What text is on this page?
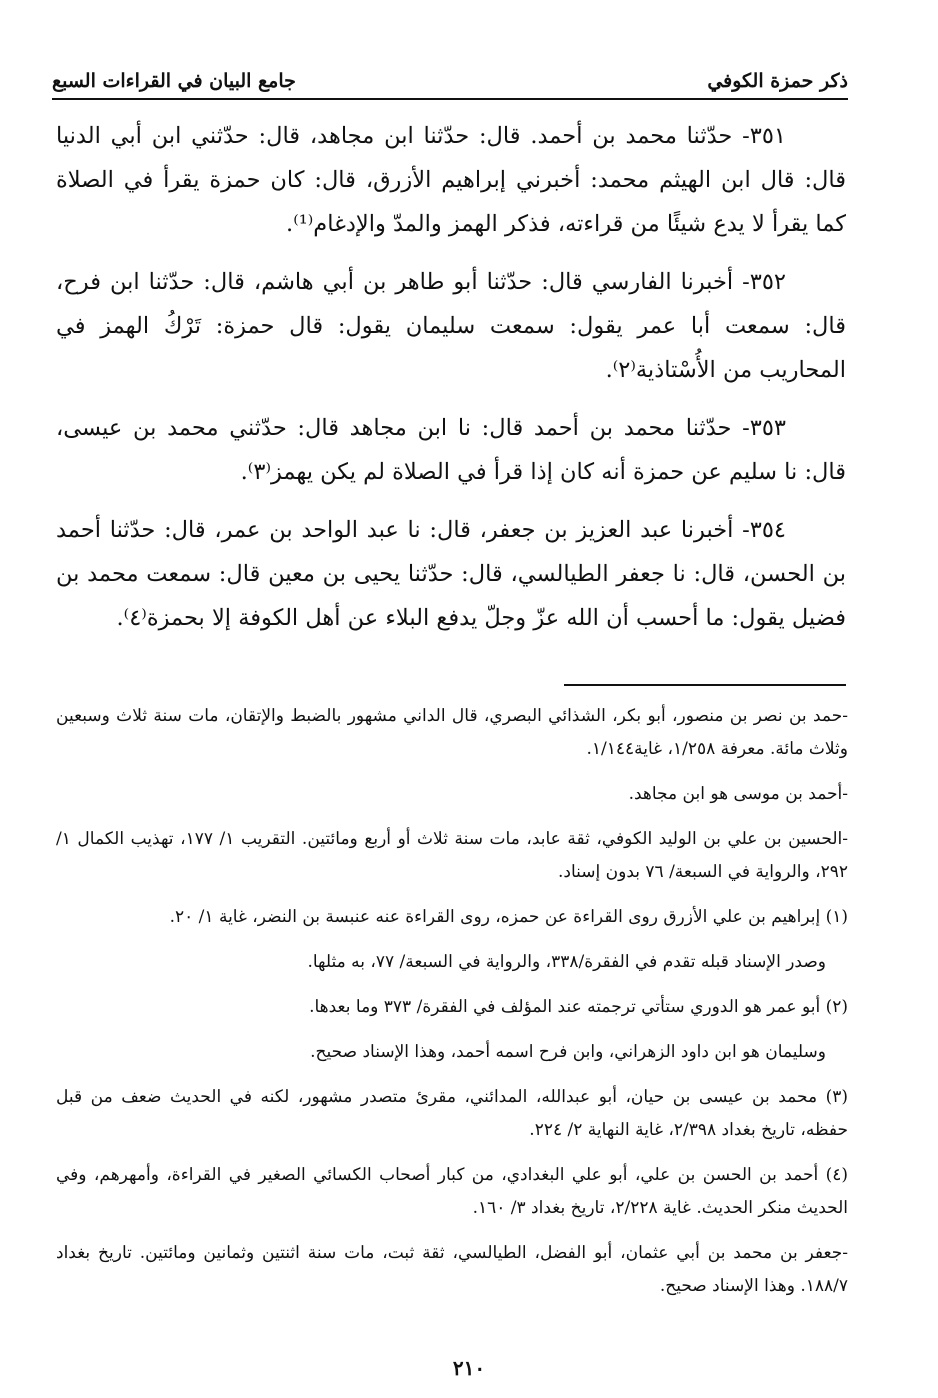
ذكر حمزة الكوفي
جامع البيان في القراءات السبع

٣٥١- حدّثنا محمد بن أحمد. قال: حدّثنا ابن مجاهد، قال: حدّثني ابن أبي الدنيا قال: قال ابن الهيثم محمد: أخبرني إبراهيم الأزرق، قال: كان حمزة يقرأ في الصلاة كما يقرأ لا يدع شيئًا من قراءته، فذكر الهمز والمدّ والإدغام⁽¹⁾.

٣٥٢- أخبرنا الفارسي قال: حدّثنا أبو طاهر بن أبي هاشم، قال: حدّثنا ابن فرح، قال: سمعت أبا عمر يقول: سمعت سليمان يقول: قال حمزة: تَرْكُ الهمز في المحاريب من الأُسْتاذية⁽٢⁾.

٣٥٣- حدّثنا محمد بن أحمد قال: نا ابن مجاهد قال: حدّثني محمد بن عيسى، قال: نا سليم عن حمزة أنه كان إذا قرأ في الصلاة لم يكن يهمز⁽٣⁾.

٣٥٤- أخبرنا عبد العزيز بن جعفر، قال: نا عبد الواحد بن عمر، قال: حدّثنا أحمد بن الحسن، قال: نا جعفر الطيالسي، قال: حدّثنا يحيى بن معين قال: سمعت محمد بن فضيل يقول: ما أحسب أن الله عزّ وجلّ يدفع البلاء عن أهل الكوفة إلا بحمزة⁽٤⁾.

-حمد بن نصر بن منصور، أبو بكر، الشذائي البصري، قال الداني مشهور بالضبط والإتقان، مات سنة ثلاث وسبعين وثلاث مائة. معرفة ١/٢٥٨، غاية١/١٤٤.

-أحمد بن موسى هو ابن مجاهد.

-الحسين بن علي بن الوليد الكوفي، ثقة عابد، مات سنة ثلاث أو أربع ومائتين. التقريب ١/ ١٧٧، تهذيب الكمال ١/ ٢٩٢، والرواية في السبعة/ ٧٦ بدون إسناد.

(١) إبراهيم بن علي الأزرق روى القراءة عن حمزه، روى القراءة عنه عنبسة بن النضر، غاية ١/ ٢٠.

وصدر الإسناد قبله تقدم في الفقرة/٣٣٨، والرواية في السبعة/ ٧٧، به مثلها.

(٢) أبو عمر هو الدوري ستأتي ترجمته عند المؤلف في الفقرة/ ٣٧٣ وما بعدها.

وسليمان هو ابن داود الزهراني، وابن فرح اسمه أحمد، وهذا الإسناد صحيح.

(٣) محمد بن عيسى بن حيان، أبو عبدالله، المدائني، مقرئ متصدر مشهور، لكنه في الحديث ضعف من قبل حفظه، تاريخ بغداد ٢/٣٩٨، غاية النهاية ٢/ ٢٢٤.

(٤) أحمد بن الحسن بن علي، أبو علي البغدادي، من كبار أصحاب الكسائي الصغير في القراءة، وأمهرهم، وفي الحديث منكر الحديث. غاية ٢/٢٢٨، تاريخ بغداد ٣/ ١٦٠.

-جعفر بن محمد بن أبي عثمان، أبو الفضل، الطيالسي، ثقة ثبت، مات سنة اثنتين وثمانين ومائتين. تاريخ بغداد ١٨٨/٧. وهذا الإسناد صحيح.

٢١٠
